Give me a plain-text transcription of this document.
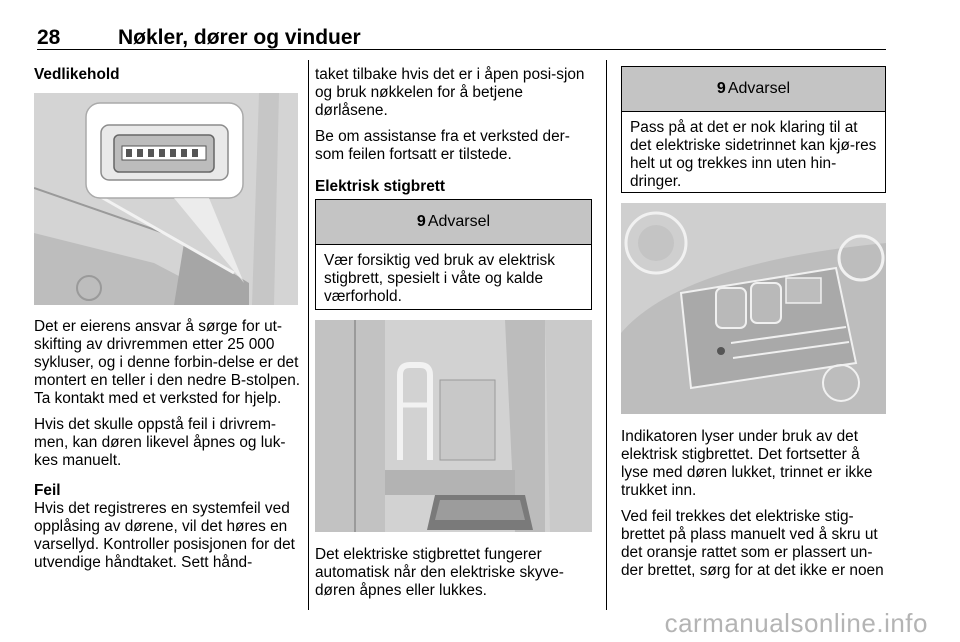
28	Nøkler, dører og vinduer

Vedlikehold

Det er eierens ansvar å sørge for ut-skifting av drivremmen etter 25 000 sykluser, og i denne forbin-delse er det montert en teller i den nedre B-stolpen. Ta kontakt med et verksted for hjelp.

Hvis det skulle oppstå feil i drivrem-men, kan døren likevel åpnes og luk-kes manuelt.

Feil

Hvis det registreres en systemfeil ved opplåsing av dørene, vil det høres en varsellyd. Kontroller posisjonen for det utvendige håndtaket. Sett hånd-

taket tilbake hvis det er i åpen posi-sjon og bruk nøkkelen for å betjene dørlåsene.

Be om assistanse fra et verksted der-som feilen fortsatt er tilstede.

Elektrisk stigbrett

9 Advarsel
Vær forsiktig ved bruk av elektrisk stigbrett, spesielt i våte og kalde værforhold.

Det elektriske stigbrettet fungerer automatisk når den elektriske skyve-døren åpnes eller lukkes.

9 Advarsel
Pass på at det er nok klaring til at det elektriske sidetrinnet kan kjø-res helt ut og trekkes inn uten hin-dringer.

Indikatoren lyser under bruk av det elektrisk stigbrettet. Det fortsetter å lyse med døren lukket, trinnet er ikke trukket inn.

Ved feil trekkes det elektriske stig-brettet på plass manuelt ved å skru ut det oransje rattet som er plassert un-der brettet, sørg for at det ikke er noen

carmanualsonline.info
